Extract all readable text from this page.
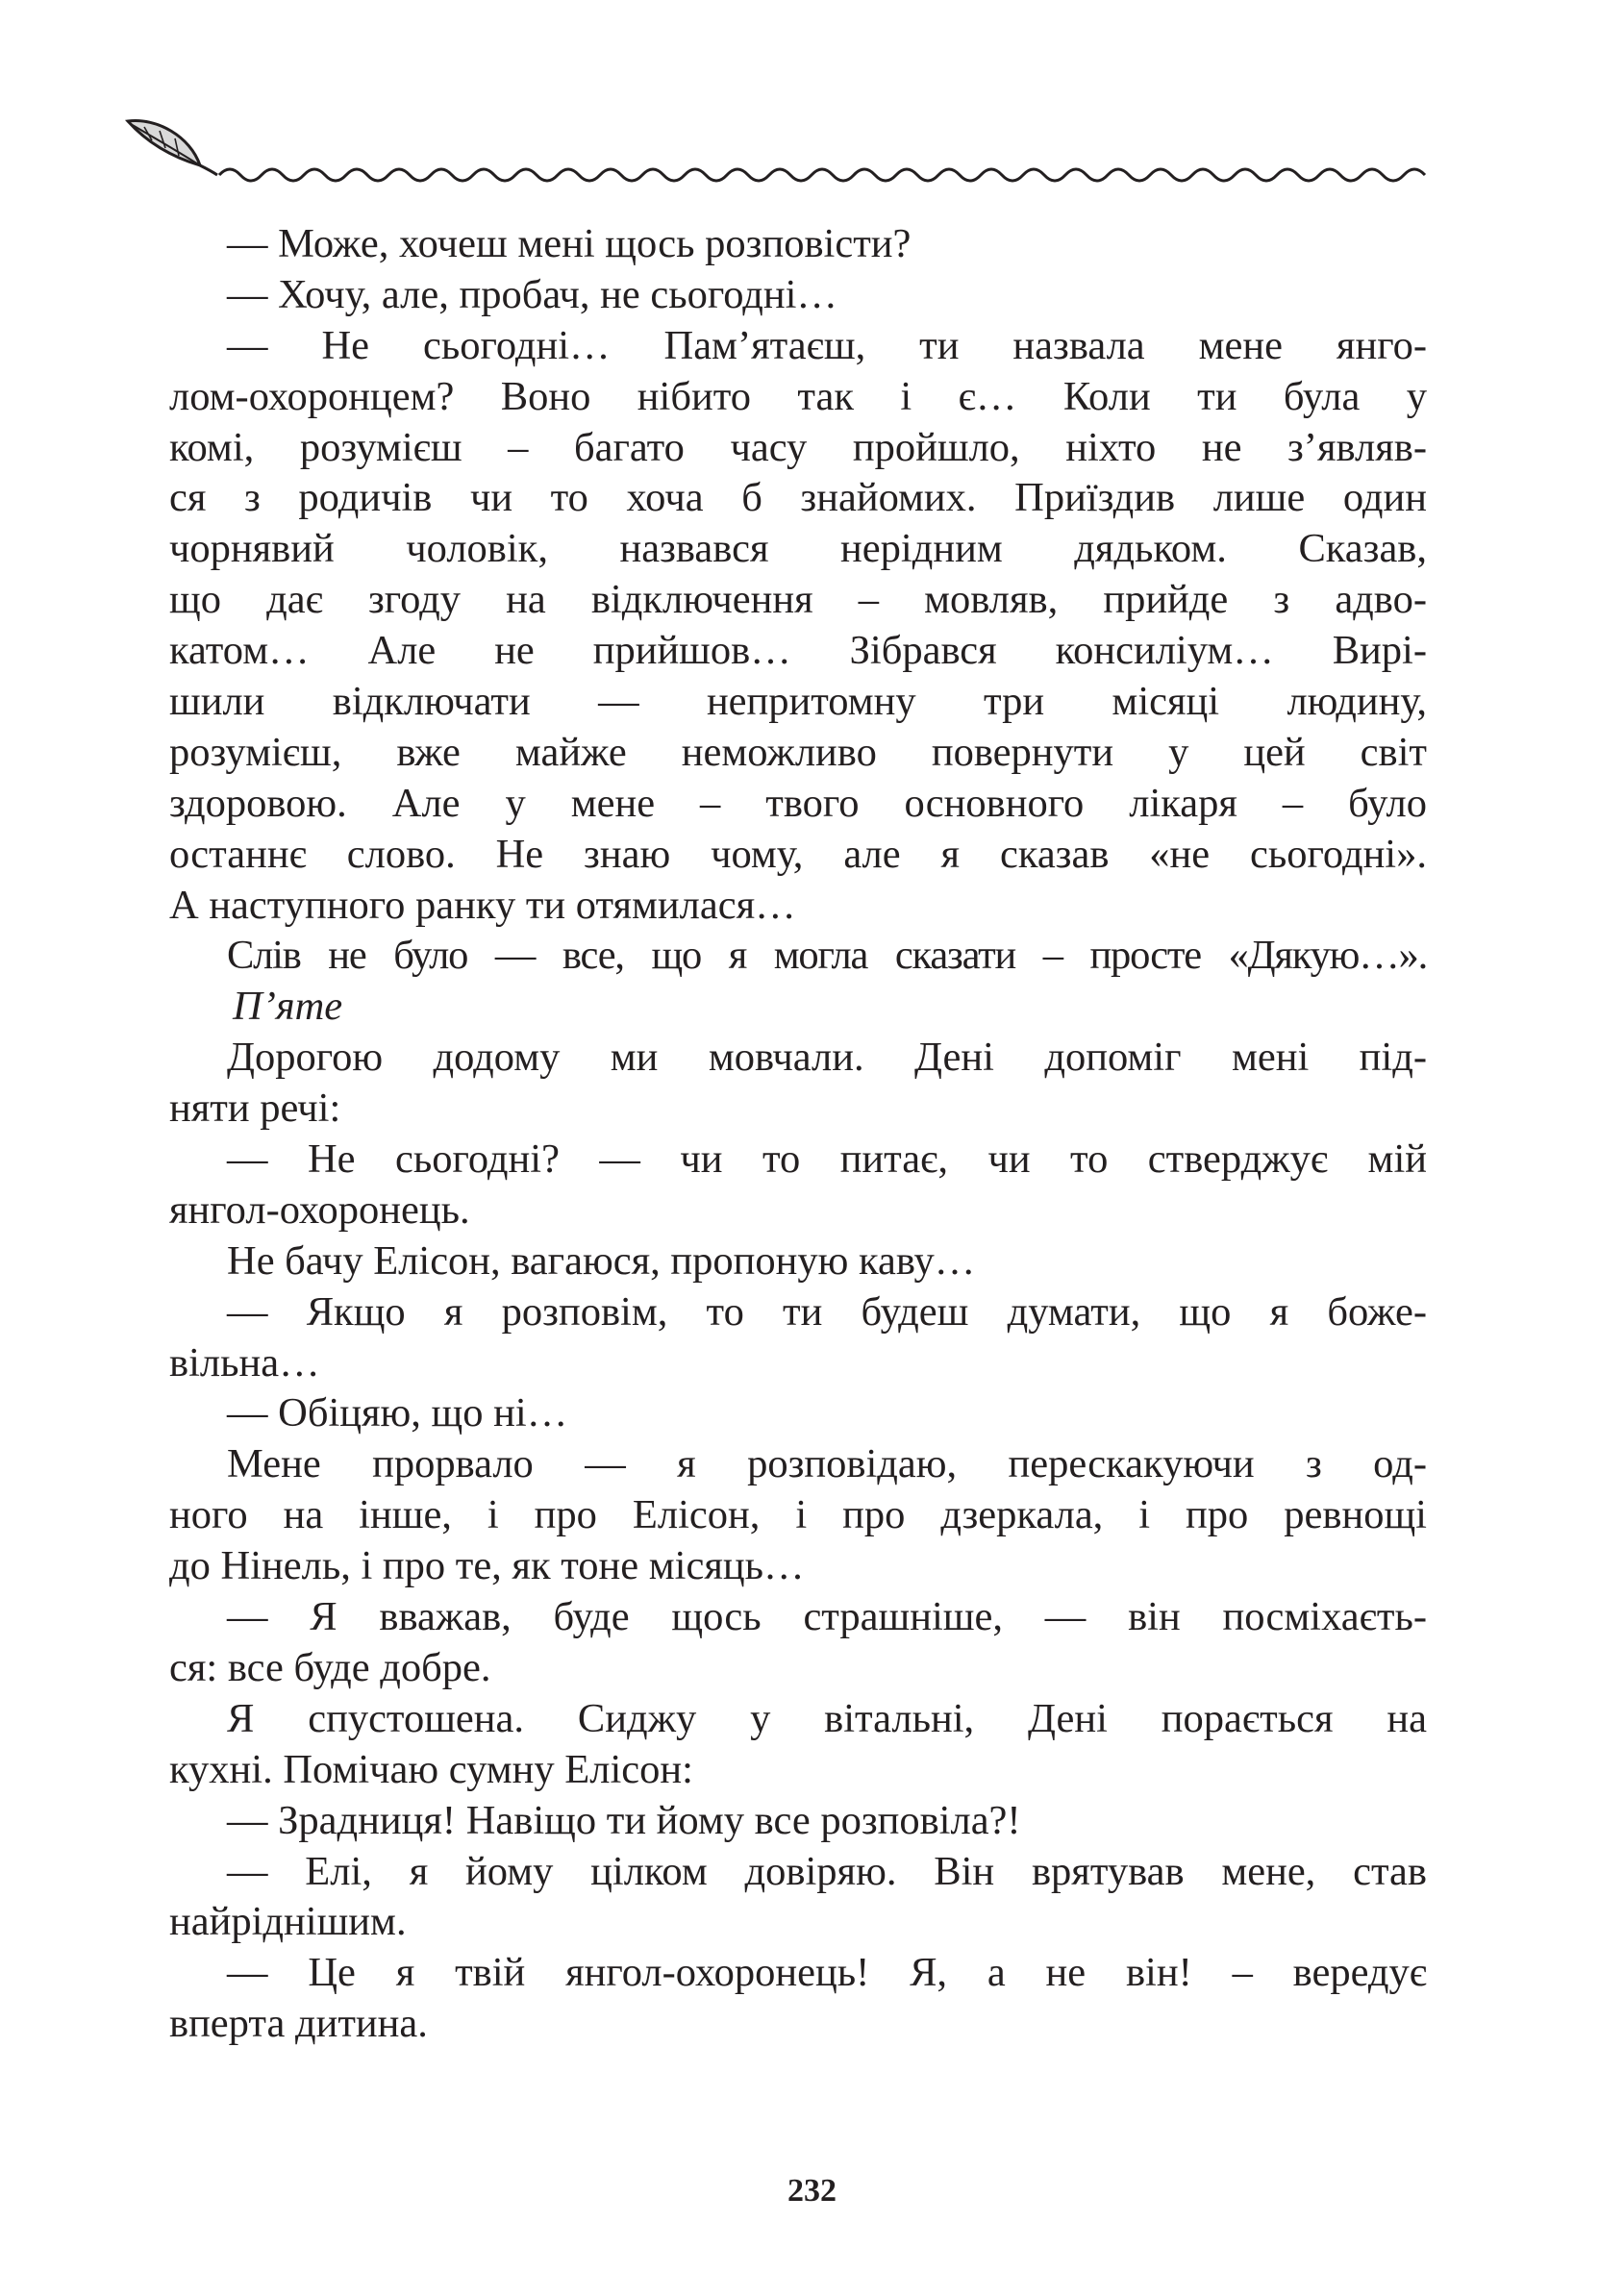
— Може, хочеш мені щось розповісти?
— Хочу, але, пробач, не сьогодні…
— Не сьогодні… Пам’ятаєш, ти назвала мене янго-
лом-охоронцем? Воно нібито так і є… Коли ти була у
комі, розумієш – багато часу пройшло, ніхто не з’являв-
ся з родичів чи то хоча б знайомих. Приїздив лише один
чорнявий чоловік, назвався нерідним дядьком. Сказав,
що дає згоду на відключення – мовляв, прийде з адво-
катом… Але не прийшов… Зібрався консиліум… Вирі-
шили відключати — непритомну три місяці людину,
розумієш, вже майже неможливо повернути у цей світ
здоровою. Але у мене – твого основного лікаря – було
останнє слово. Не знаю чому, але я сказав «не сьогодні».
А наступного ранку ти отямилася…
Слів не було — все, що я могла сказати – просте «Дякую…».
П’яте
Дорогою додому ми мовчали. Дені допоміг мені під-
няти речі:
— Не сьогодні? — чи то питає, чи то стверджує мій
янгол-охоронець.
Не бачу Елісон, вагаюся, пропоную каву…
— Якщо я розповім, то ти будеш думати, що я боже-
вільна…
— Обіцяю, що ні…
Мене прорвало — я розповідаю, перескакуючи з од-
ного на інше, і про Елісон, і про дзеркала, і про ревнощі
до Нінель, і про те, як тоне місяць…
— Я вважав, буде щось страшніше, — він посміхаєть-
ся: все буде добре.
Я спустошена. Сиджу у вітальні, Дені порається на
кухні. Помічаю сумну Елісон:
— Зрадниця! Навіщо ти йому все розповіла?!
— Елі, я йому цілком довіряю. Він врятував мене, став
найріднішим.
— Це я твій янгол-охоронець! Я, а не він! – вередує
вперта дитина.
232
